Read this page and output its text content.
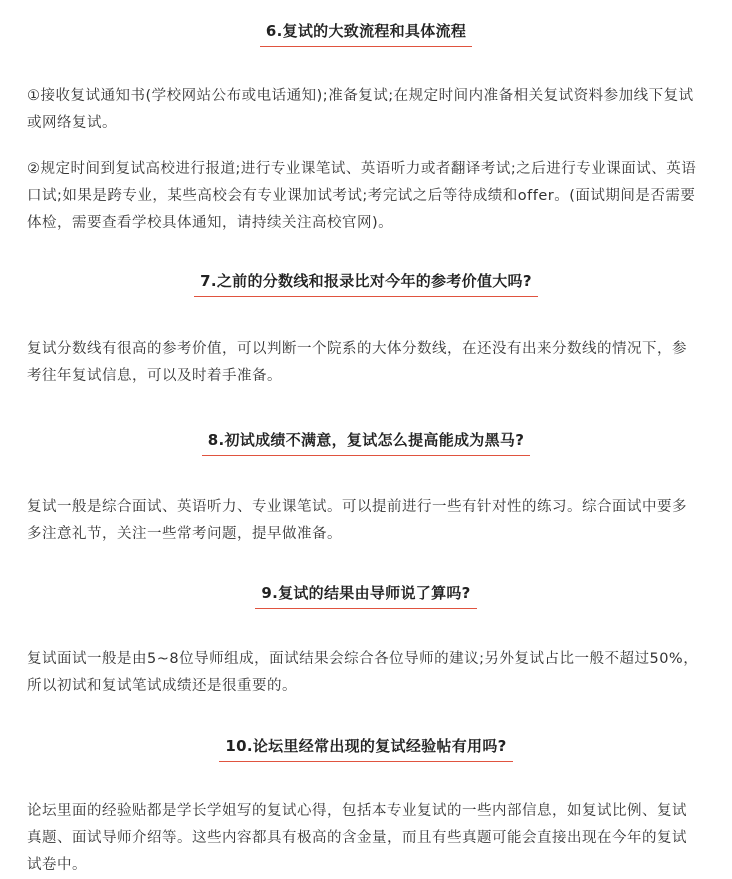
6.复试的大致流程和具体流程

①接收复试通知书(学校网站公布或电话通知);准备复试;在规定时间内准备相关复试资料参加线下复试或网络复试。

②规定时间到复试高校进行报道;进行专业课笔试、英语听力或者翻译考试;之后进行专业课面试、英语口试;如果是跨专业，某些高校会有专业课加试考试;考完试之后等待成绩和offer。(面试期间是否需要体检，需要查看学校具体通知，请持续关注高校官网)。

7.之前的分数线和报录比对今年的参考价值大吗?

复试分数线有很高的参考价值，可以判断一个院系的大体分数线，在还没有出来分数线的情况下，参考往年复试信息，可以及时着手准备。

8.初试成绩不满意，复试怎么提高能成为黑马?

复试一般是综合面试、英语听力、专业课笔试。可以提前进行一些有针对性的练习。综合面试中要多多注意礼节，关注一些常考问题，提早做准备。

9.复试的结果由导师说了算吗?

复试面试一般是由5~8位导师组成，面试结果会综合各位导师的建议;另外复试占比一般不超过50%，所以初试和复试笔试成绩还是很重要的。

10.论坛里经常出现的复试经验帖有用吗?

论坛里面的经验贴都是学长学姐写的复试心得，包括本专业复试的一些内部信息，如复试比例、复试真题、面试导师介绍等。这些内容都具有极高的含金量，而且有些真题可能会直接出现在今年的复试试卷中。
